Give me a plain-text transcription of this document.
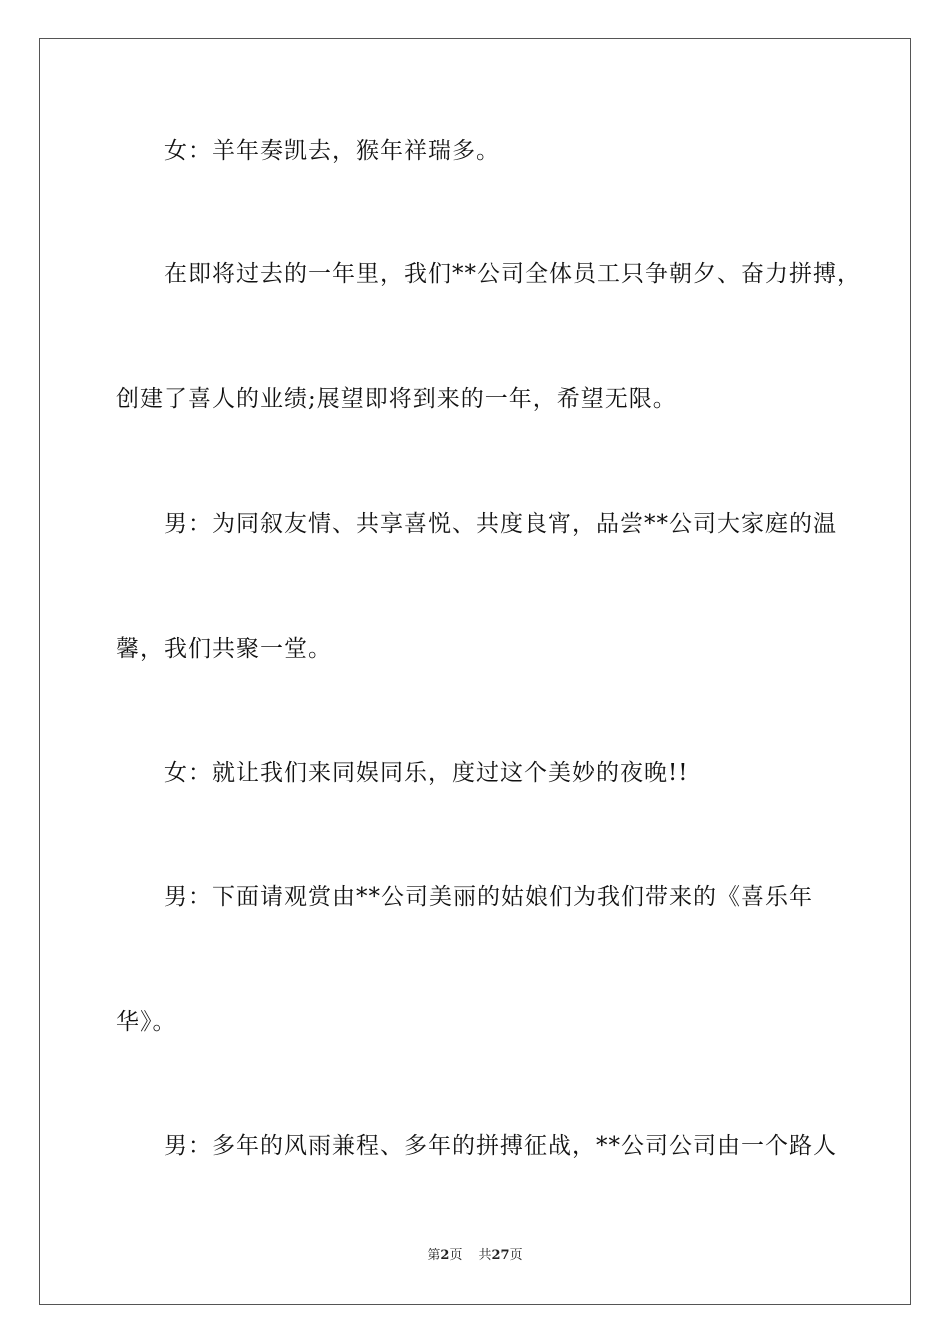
女：羊年奏凯去，猴年祥瑞多。
在即将过去的一年里，我们**公司全体员工只争朝夕、奋力拼搏，
创建了喜人的业绩;展望即将到来的一年，希望无限。
男：为同叙友情、共享喜悦、共度良宵，品尝**公司大家庭的温
馨，我们共聚一堂。
女：就让我们来同娱同乐，度过这个美妙的夜晚!!
男：下面请观赏由**公司美丽的姑娘们为我们带来的《喜乐年
华》。
男：多年的风雨兼程、多年的拼搏征战，**公司公司由一个路人
第2页 共27页
